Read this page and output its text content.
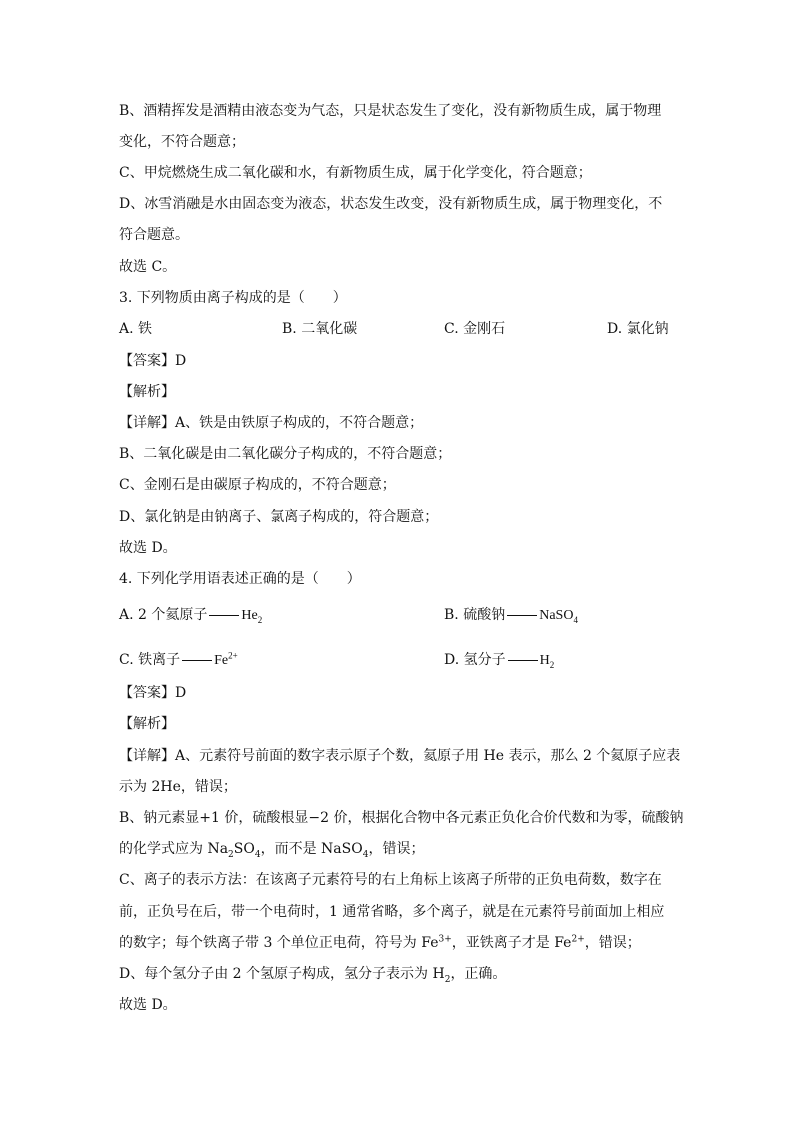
B、酒精挥发是酒精由液态变为气态，只是状态发生了变化，没有新物质生成，属于物理
变化，不符合题意；
C、甲烷燃烧生成二氧化碳和水，有新物质生成，属于化学变化，符合题意；
D、冰雪消融是水由固态变为液态，状态发生改变，没有新物质生成，属于物理变化，不
符合题意。
故选 C。
3. 下列物质由离子构成的是（　　）
A. 铁	B. 二氧化碳	C. 金刚石	D. 氯化钠
【答案】D
【解析】
【详解】A、铁是由铁原子构成的，不符合题意；
B、二氧化碳是由二氧化碳分子构成的，不符合题意；
C、金刚石是由碳原子构成的，不符合题意；
D、氯化钠是由钠离子、氯离子构成的，符合题意；
故选 D。
4. 下列化学用语表述正确的是（　　）
A. 2 个氦原子 $He_2$	B. 硫酸钠 NaSO$_4$
C. 铁离子 $Fe^{2+}$	D. 氢分子 $H_2$
【答案】D
【解析】
【详解】A、元素符号前面的数字表示原子个数，氦原子用 He 表示，那么 2 个氦原子应表
示为 2He，错误；
B、钠元素显+1 价，硫酸根显−2 价，根据化合物中各元素正负化合价代数和为零，硫酸钠
的化学式应为 $Na_2SO_4$，而不是 NaSO$_4$，错误；
C、离子的表示方法：在该离子元素符号的右上角标上该离子所带的正负电荷数，数字在
前，正负号在后，带一个电荷时，1 通常省略，多个离子，就是在元素符号前面加上相应
的数字；每个铁离子带 3 个单位正电荷，符号为 $Fe^{3+}$，亚铁离子才是 $Fe^{2+}$，错误；
D、每个氢分子由 2 个氢原子构成，氢分子表示为 $H_2$，正确。
故选 D。
